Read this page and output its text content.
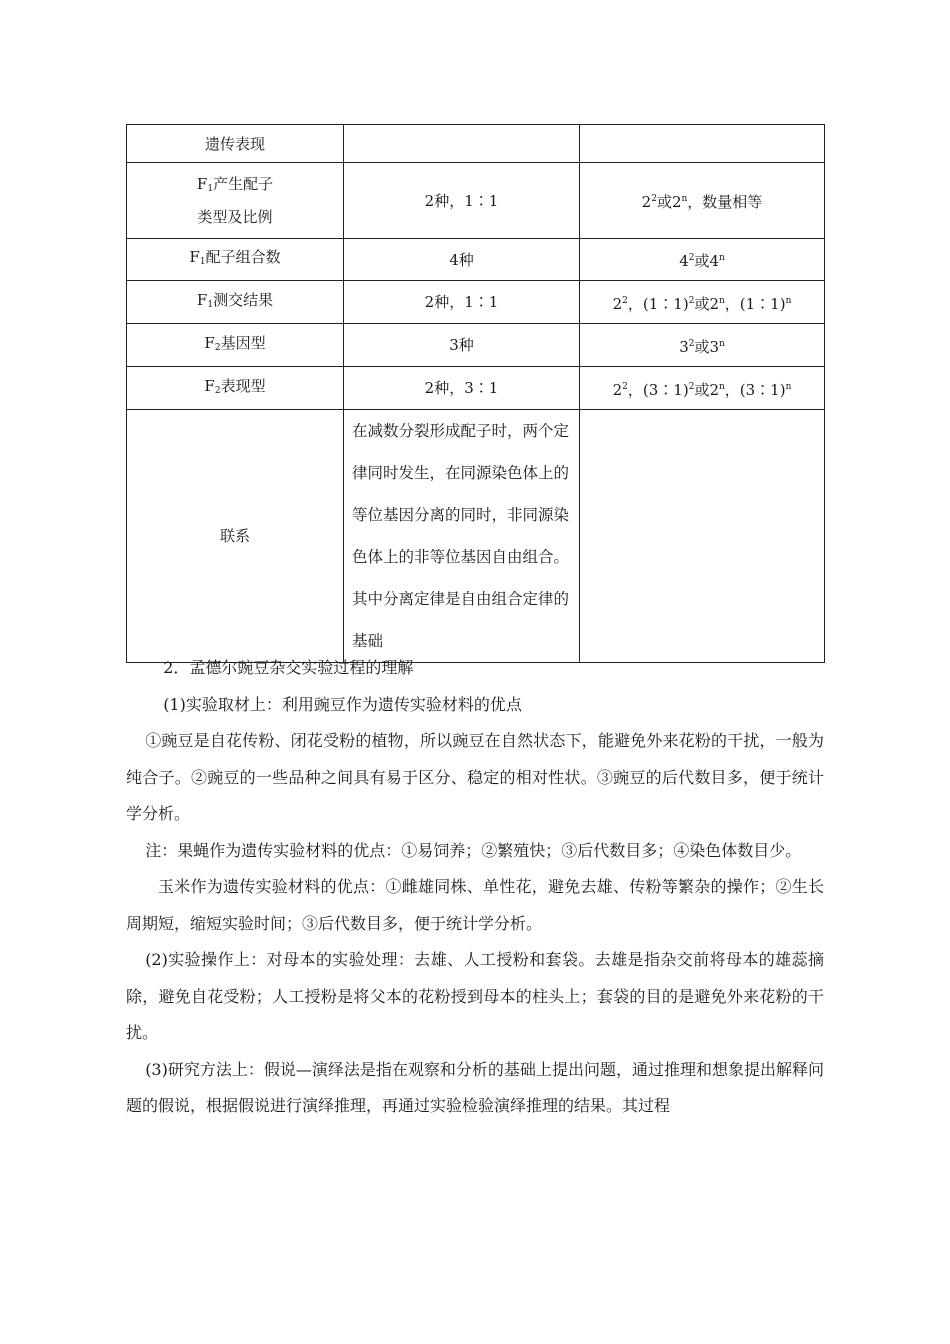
遗传表现		

$F_1$产生配子
类型及比例	2种，1∶1	$2^2$或2$^n$，数量相等
$F_1$配子组合数	4种	$4^2$或4$^n$
$F_1$测交结果	2种，1∶1	$2^2$，(1∶1)$^2$或2$^n$，(1∶1)$^n$
$F_2$基因型	3种	$3^2$或3$^n$
$F_2$表现型	2种，3∶1	$2^2$，(3∶1)$^2$或2$^n$，(3∶1)$^n$
联系	在减数分裂形成配子时，两个定律同时发生，在同源染色体上的等位基因分离的同时，非同源染色体上的非等位基因自由组合。其中分离定律是自由组合定律的基础	

2．孟德尔豌豆杂交实验过程的理解

(1)实验取材上：利用豌豆作为遗传实验材料的优点

①豌豆是自花传粉、闭花受粉的植物，所以豌豆在自然状态下，能避免外来花粉的干扰，一般为纯合子。②豌豆的一些品种之间具有易于区分、稳定的相对性状。③豌豆的后代数目多，便于统计学分析。

注：果蝇作为遗传实验材料的优点：①易饲养；②繁殖快；③后代数目多；④染色体数目少。

玉米作为遗传实验材料的优点：①雌雄同株、单性花，避免去雄、传粉等繁杂的操作；②生长周期短，缩短实验时间；③后代数目多，便于统计学分析。

(2)实验操作上：对母本的实验处理：去雄、人工授粉和套袋。去雄是指杂交前将母本的雄蕊摘除，避免自花受粉；人工授粉是将父本的花粉授到母本的柱头上；套袋的目的是避免外来花粉的干扰。

(3)研究方法上：假说—演绎法是指在观察和分析的基础上提出问题，通过推理和想象提出解释问题的假说，根据假说进行演绎推理，再通过实验检验演绎推理的结果。其过程
